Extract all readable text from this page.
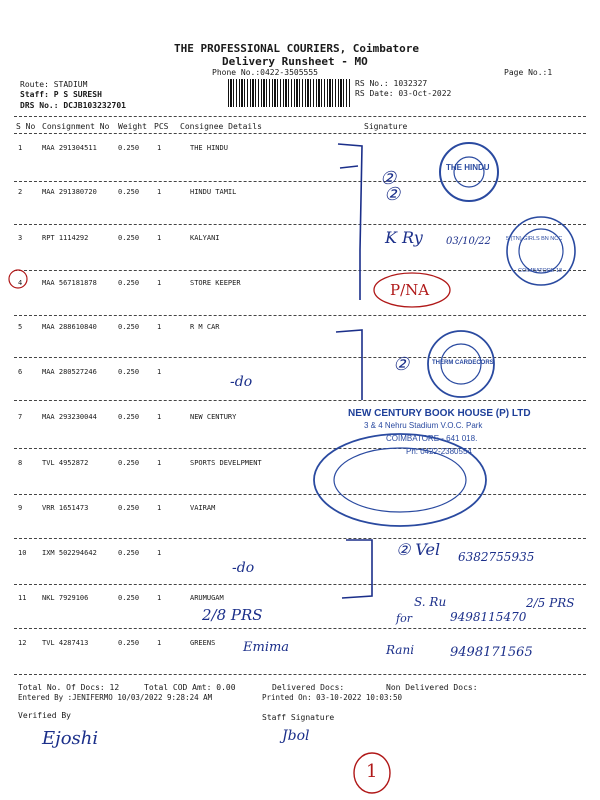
THE PROFESSIONAL COURIERS, Coimbatore
Delivery Runsheet - MO
Phone No.:0422-3505555	Page No.:1
Route: STADIUM
Staff: P S SURESH
DRS No.: DCJB103232701
RS No.: 1032327
RS Date: 03-Oct-2022
S No Consignment No Weight PCS Consignee Details	Signature
1	MAA 291304511	0.250	1	THE HINDU
2	MAA 291380720	0.250	1	HINDU TAMIL
3	RPT 1114292	0.250	1	KALYANI
4	MAA 567181878	0.250	1	STORE KEEPER
5	MAA 288610840	0.250	1	R M CAR
6	MAA 280527246	0.250	1
7	MAA 293230044	0.250	1	NEW CENTURY
8	TVL 4952872	0.250	1	SPORTS DEVELPMENT
9	VRR 1651473	0.250	1	VAIRAM
10 IXM 502294642	0.250	1
11 NKL 7929106	0.250	1	ARUMUGAM
12 TVL 4287413	0.250	1	GREENS
Total No. Of Docs: 12	Total COD Amt: 0.00	Delivered Docs:	Non Delivered Docs:
Entered By :JENIFERMO 10/03/2022 9:28:24 AM	Printed On: 03-10-2022 10:03:50
Verified By	Staff Signature
THE HINDU
5 (TN) GIRLS BN NCC
COIMBATORE 18
THERM CARDECORS
NEW CENTURY BOOK HOUSE (P) LTD
3 & 4 Nehru Stadium V.O.C. Park
COIMBATORE - 641 018.
Ph: 0422-2380554
②
②
K Ry 03/10/22
P/NA
②
-do
-do
② Vel 6382755935
2/8 PRS
S. Ru
for	9498115470
2/5 PRS
Emima	Rani	9498171565
Ejoshi	Jbol
1
